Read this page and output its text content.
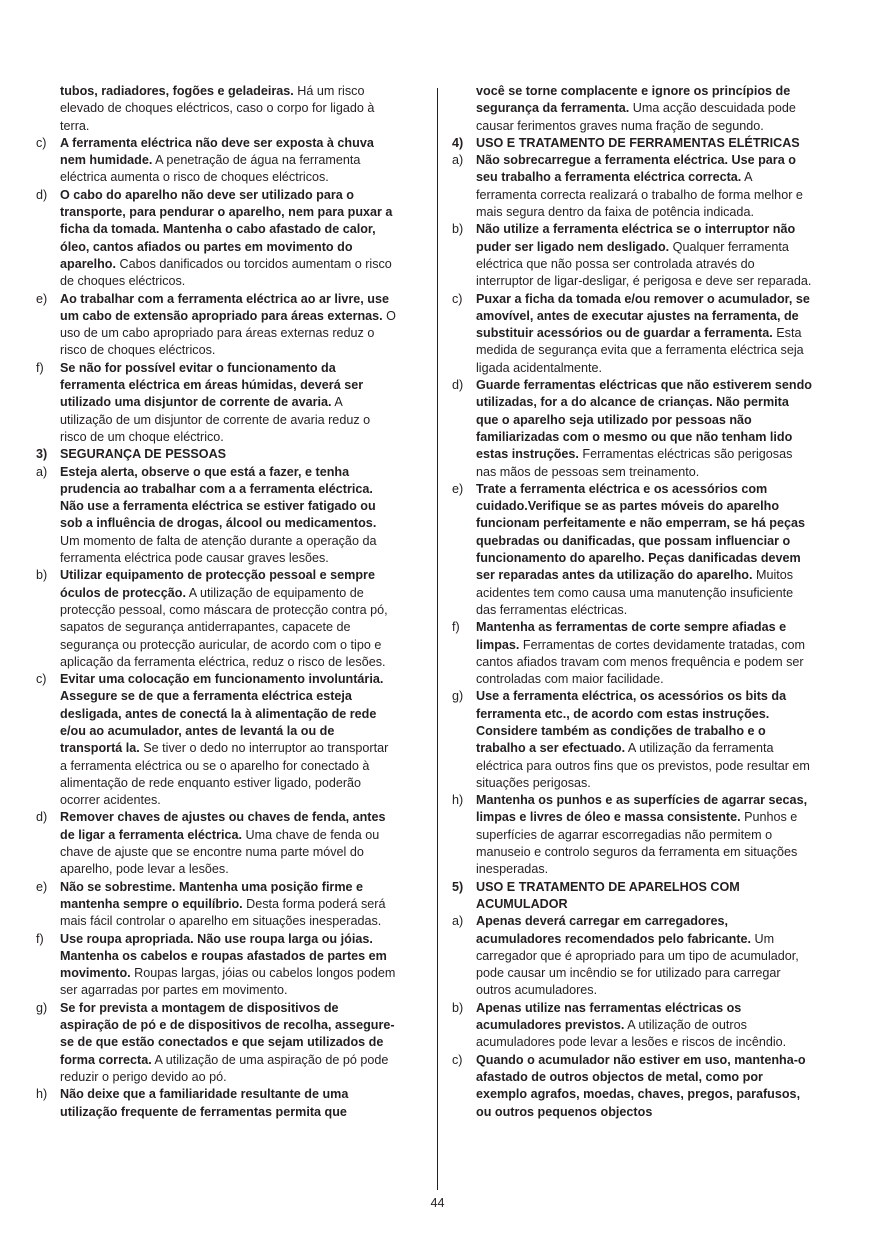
tubos, radiadores, fogões e geladeiras. Há um risco elevado de choques eléctricos, caso o corpo for ligado à terra.
c)	A ferramenta eléctrica não deve ser exposta à chuva nem humidade. A penetração de água na ferramenta eléctrica aumenta o risco de choques eléctricos.
d)	O cabo do aparelho não deve ser utilizado para o transporte, para pendurar o aparelho, nem para puxar a ficha da tomada. Mantenha o cabo afastado de calor, óleo, cantos afiados ou partes em movimento do aparelho. Cabos danificados ou torcidos aumentam o risco de choques eléctricos.
e)	Ao trabalhar com a ferramenta eléctrica ao ar livre, use um cabo de extensão apropriado para áreas externas. O uso de um cabo apropriado para áreas externas reduz o risco de choques eléctricos.
f)	Se não for possível evitar o funcionamento da ferramenta eléctrica em áreas húmidas, deverá ser utilizado uma disjuntor de corrente de avaria. A utilização de um disjuntor de corrente de avaria reduz o risco de um choque eléctrico.
3)	SEGURANÇA DE PESSOAS
a)	Esteja alerta, observe o que está a fazer, e tenha prudencia ao trabalhar com a a ferramenta eléctrica. Não use a ferramenta eléctrica se estiver fatigado ou sob a influência de drogas, álcool ou medicamentos. Um momento de falta de atenção durante a operação da ferramenta eléctrica pode causar graves lesões.
b)	Utilizar equipamento de protecção pessoal e sempre óculos de protecção. A utilização de equipamento de protecção pessoal, como máscara de protecção contra pó, sapatos de segurança antiderrapantes, capacete de segurança ou protecção auricular, de acordo com o tipo e aplicação da ferramenta eléctrica, reduz o risco de lesões.
c)	Evitar uma colocação em funcionamento involuntária. Assegure se de que a ferramenta eléctrica esteja desligada, antes de conectá la à alimentação de rede e/ou ao acumulador, antes de levantá la ou de transportá la. Se tiver o dedo no interruptor ao transportar a ferramenta eléctrica ou se o aparelho for conectado à alimentação de rede enquanto estiver ligado, poderão ocorrer acidentes.
d)	Remover chaves de ajustes ou chaves de fenda, antes de ligar a ferramenta eléctrica. Uma chave de fenda ou chave de ajuste que se encontre numa parte móvel do aparelho, pode levar a lesões.
e)	Não se sobrestime. Mantenha uma posição firme e mantenha sempre o equilíbrio. Desta forma poderá será mais fácil controlar o aparelho em situações inesperadas.
f)	Use roupa apropriada. Não use roupa larga ou jóias. Mantenha os cabelos e roupas afastados de partes em movimento. Roupas largas, jóias ou cabelos longos podem ser agarradas por partes em movimento.
g)	Se for prevista a montagem de dispositivos de aspiração de pó e de dispositivos de recolha, assegure-se de que estão conectados e que sejam utilizados de forma correcta. A utilização de uma aspiração de pó pode reduzir o perigo devido ao pó.
h)	Não deixe que a familiaridade resultante de uma utilização frequente de ferramentas permita que
você se torne complacente e ignore os princípios de segurança da ferramenta. Uma acção descuidada pode causar ferimentos graves numa fração de segundo.
4)	USO E TRATAMENTO DE FERRAMENTAS ELÉTRICAS
a)	Não sobrecarregue a ferramenta eléctrica. Use para o seu trabalho a ferramenta eléctrica correcta. A ferramenta correcta realizará o trabalho de forma melhor e mais segura dentro da faixa de potência indicada.
b)	Não utilize a ferramenta eléctrica se o interruptor não puder ser ligado nem desligado. Qualquer ferramenta eléctrica que não possa ser controlada através do interruptor de ligar-desligar, é perigosa e deve ser reparada.
c)	Puxar a ficha da tomada e/ou remover o acumulador, se amovível, antes de executar ajustes na ferramenta, de substituir acessórios ou de guardar a ferramenta. Esta medida de segurança evita que a ferramenta eléctrica seja ligada acidentalmente.
d)	Guarde ferramentas eléctricas que não estiverem sendo utilizadas, for a do alcance de crianças. Não permita que o aparelho seja utilizado por pessoas não familiarizadas com o mesmo ou que não tenham lido estas instruções. Ferramentas eléctricas são perigosas nas mãos de pessoas sem treinamento.
e)	Trate a ferramenta eléctrica e os acessórios com cuidado.Verifique se as partes móveis do aparelho funcionam perfeitamente e não emperram, se há peças quebradas ou danificadas, que possam influenciar o funcionamento do aparelho. Peças danificadas devem ser reparadas antes da utilização do aparelho. Muitos acidentes tem como causa uma manutenção insuficiente das ferramentas eléctricas.
f)	Mantenha as ferramentas de corte sempre afiadas e limpas. Ferramentas de cortes devidamente tratadas, com cantos afiados travam com menos frequência e podem ser controladas com maior facilidade.
g)	Use a ferramenta eléctrica, os acessórios os bits da ferramenta etc., de acordo com estas instruções. Considere também as condições de trabalho e o trabalho a ser efectuado. A utilização da ferramenta eléctrica para outros fins que os previstos, pode resultar em situações perigosas.
h)	Mantenha os punhos e as superfícies de agarrar secas, limpas e livres de óleo e massa consistente. Punhos e superfícies de agarrar escorregadias não permitem o manuseio e controlo seguros da ferramenta em situações inesperadas.
5)	USO E TRATAMENTO DE APARELHOS COM ACUMULADOR
a)	Apenas deverá carregar em carregadores, acumuladores recomendados pelo fabricante. Um carregador que é apropriado para um tipo de acumulador, pode causar um incêndio se for utilizado para carregar outros acumuladores.
b)	Apenas utilize nas ferramentas eléctricas os acumuladores previstos. A utilização de outros acumuladores pode levar a lesões e riscos de incêndio.
c)	Quando o acumulador não estiver em uso, mantenha-o afastado de outros objectos de metal, como por exemplo agrafos, moedas, chaves, pregos, parafusos, ou outros pequenos objectos
44
